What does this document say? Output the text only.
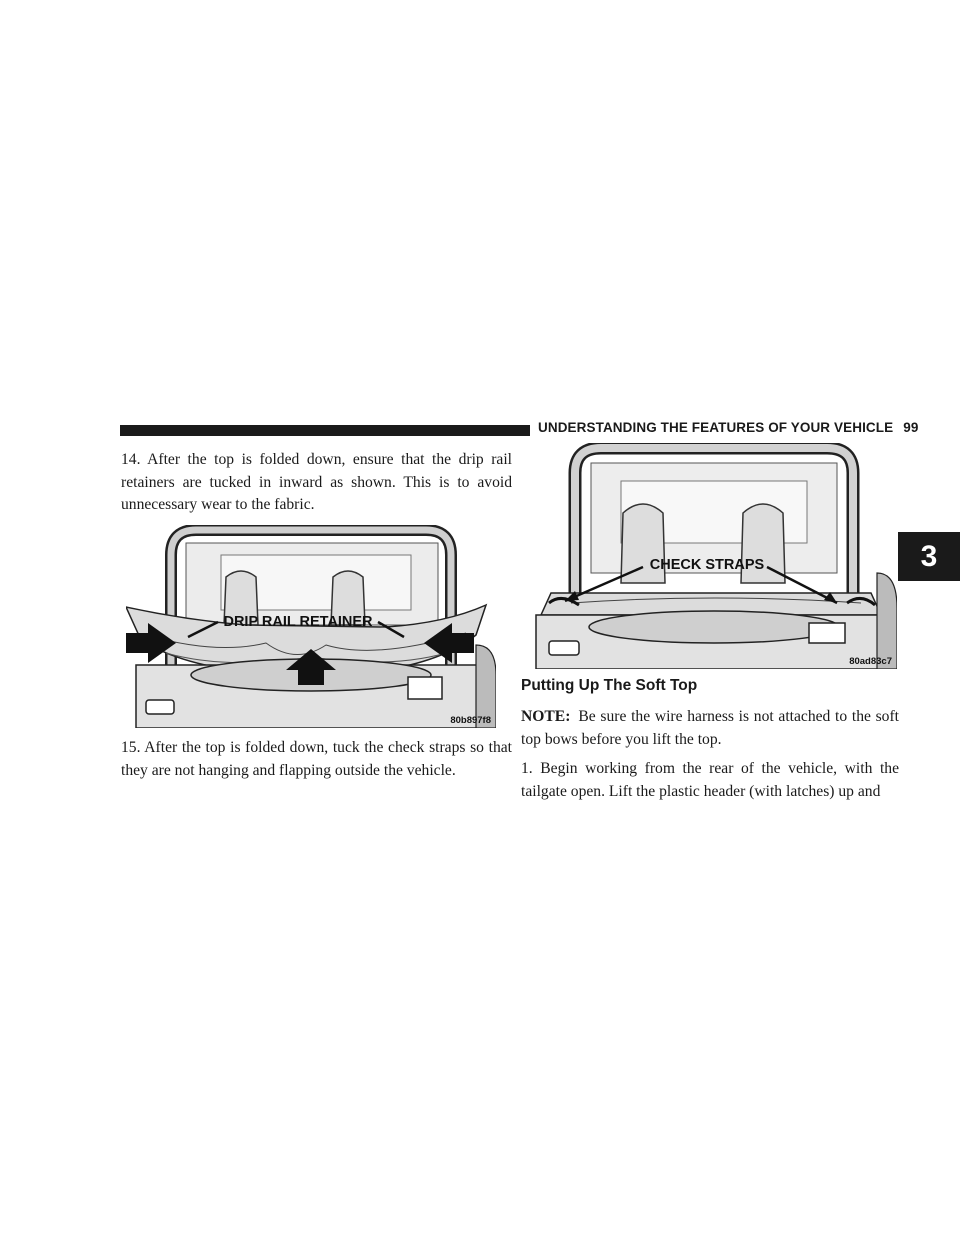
UNDERSTANDING THE FEATURES OF YOUR VEHICLE 99
3
14. After the top is folded down, ensure that the drip rail retainers are tucked in inward as shown. This is to avoid unnecessary wear to the fabric.
DRIP RAIL RETAINER
80b897f8
15. After the top is folded down, tuck the check straps so that they are not hanging and flapping outside the vehicle.
CHECK STRAPS
80ad83c7
Putting Up The Soft Top
NOTE: Be sure the wire harness is not attached to the soft top bows before you lift the top.
1. Begin working from the rear of the vehicle, with the tailgate open. Lift the plastic header (with latches) up and
